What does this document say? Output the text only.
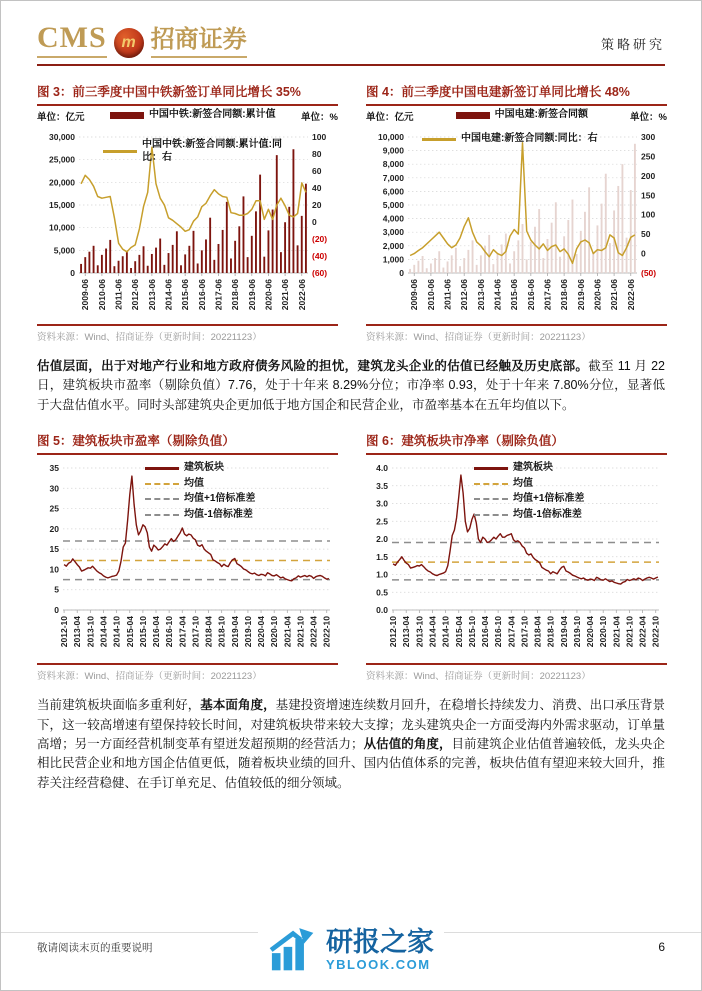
CMS m 招商证券	策略研究
图 3：前三季度中国中铁新签订单同比增长 35%
单位：亿元	中国中铁:新签合同额:累计值	单位：%
0
5,000
10,000
15,000
20,000
25,000
30,000
(60)
(40)
(20)
0
20
40
60
80
100
2009-06 2010-06 2011-06 2012-06 2013-06 2014-06 2015-06 2016-06 2017-06 2018-06 2019-06 2020-06 2021-06 2022-06
中国中铁:新签合同额:累计值:同比：右
资料来源：Wind、招商证券（更新时间：20221123）
图 4：前三季度中国电建新签订单同比增长 48%
单位：亿元	中国电建:新签合同额	单位：%
0
1,000
2,000
3,000
4,000
5,000
6,000
7,000
8,000
9,000
10,000
(50)
0
50
100
150
200
250
300
2009-06 2010-06 2011-06 2012-06 2013-06 2014-06 2015-06 2016-06 2017-06 2018-06 2019-06 2020-06 2021-06 2022-06
中国电建:新签合同额:同比：右
资料来源：Wind、招商证券（更新时间：20221123）
估值层面，出于对地产行业和地方政府债务风险的担忧，建筑龙头企业的估值已经触及历史底部。截至 11 月 22 日，建筑板块市盈率（剔除负值）7.76，处于十年来 8.29%分位；市净率 0.93，处于十年来 7.80%分位，显著低于大盘估值水平。同时头部建筑央企更加低于地方国企和民营企业，市盈率基本在五年均值以下。
图 5：建筑板块市盈率（剔除负值）
0
5
10
15
20
25
30
35
2012-10 2013-04 2013-10 2014-04 2014-10 2015-04 2015-10 2016-04 2016-10 2017-04 2017-10 2018-04 2018-10 2019-04 2019-10 2020-04 2020-10 2021-04 2021-10 2022-04 2022-10
建筑板块
均值
均值+1倍标准差
均值-1倍标准差
资料来源：Wind、招商证券（更新时间：20221123）
图 6：建筑板块市净率（剔除负值）
0.0
0.5
1.0
1.5
2.0
2.5
3.0
3.5
4.0
2012-10 2013-04 2013-10 2014-04 2014-10 2015-04 2015-10 2016-04 2016-10 2017-04 2017-10 2018-04 2018-10 2019-04 2019-10 2020-04 2020-10 2021-04 2021-10 2022-04 2022-10
建筑板块
均值
均值+1倍标准差
均值-1倍标准差
资料来源：Wind、招商证券（更新时间：20221123）
当前建筑板块面临多重利好，基本面角度，基建投资增速连续数月回升，在稳增长持续发力、消费、出口承压背景下，这一较高增速有望保持较长时间，对建筑板块带来较大支撑；龙头建筑央企一方面受海内外需求驱动，订单量高增；另一方面经营机制变革有望迸发超预期的经营活力；从估值的角度，目前建筑企业估值普遍较低，龙头央企相比民营企业和地方国企估值更低，随着板块业绩的回升、国内估值体系的完善，板块估值有望迎来较大回升，推荐关注经营稳健、在手订单充足、估值较低的细分领域。
研报之家
YBLOOK.COM
敬请阅读末页的重要说明	6
